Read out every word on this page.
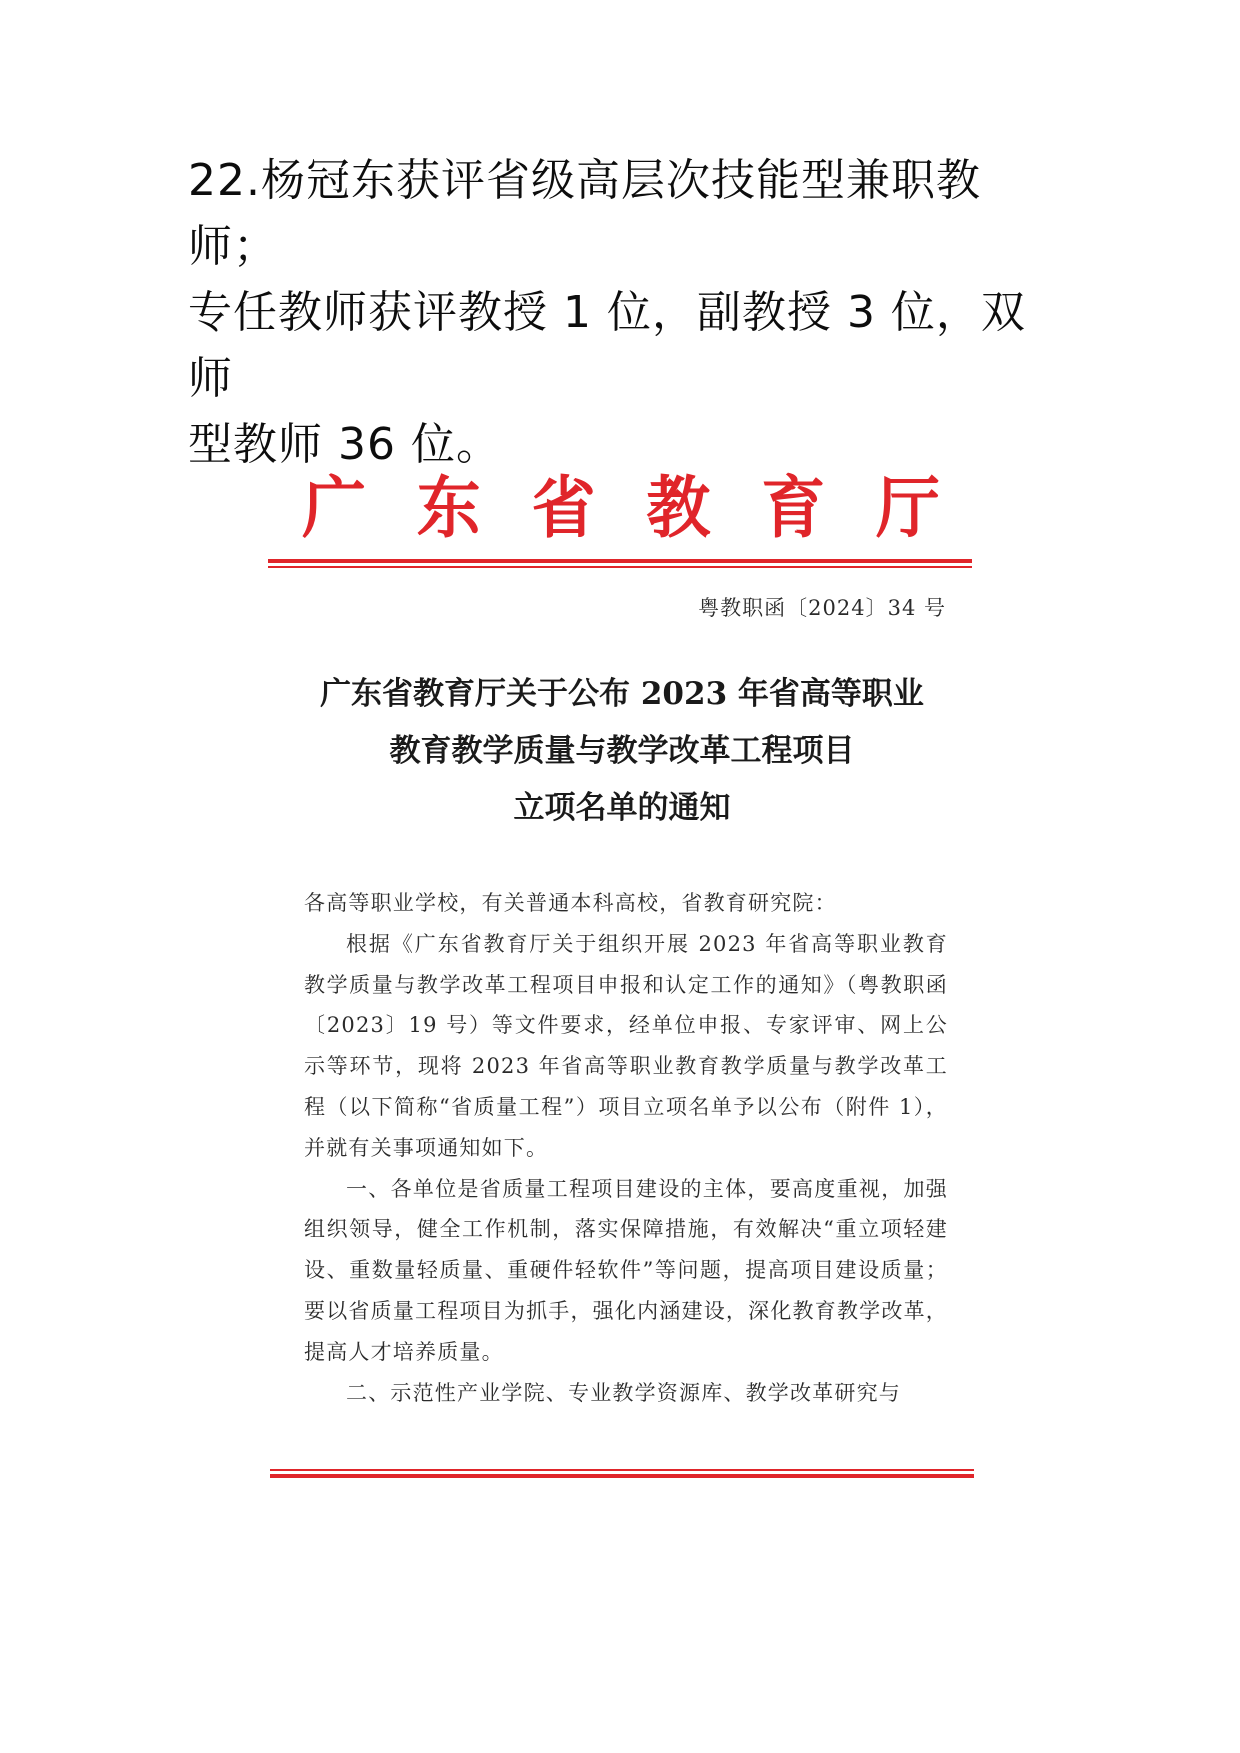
22.杨冠东获评省级高层次技能型兼职教师；

专任教师获评教授 1 位，副教授 3 位，双师

型教师 36 位。

广 东 省 教 育 厅
粤教职函〔2024〕34 号
广东省教育厅关于公布 2023 年省高等职业
教育教学质量与教学改革工程项目
立项名单的通知

各高等职业学校，有关普通本科高校，省教育研究院：

根据《广东省教育厅关于组织开展 2023 年省高等职业教育教学质量与教学改革工程项目申报和认定工作的通知》（粤教职函〔2023〕19 号）等文件要求，经单位申报、专家评审、网上公示等环节，现将 2023 年省高等职业教育教学质量与教学改革工程（以下简称“省质量工程”）项目立项名单予以公布（附件 1），并就有关事项通知如下。

一、各单位是省质量工程项目建设的主体，要高度重视，加强组织领导，健全工作机制，落实保障措施，有效解决“重立项轻建设、重数量轻质量、重硬件轻软件”等问题，提高项目建设质量；要以省质量工程项目为抓手，强化内涵建设，深化教育教学改革，提高人才培养质量。

二、示范性产业学院、专业教学资源库、教学改革研究与
